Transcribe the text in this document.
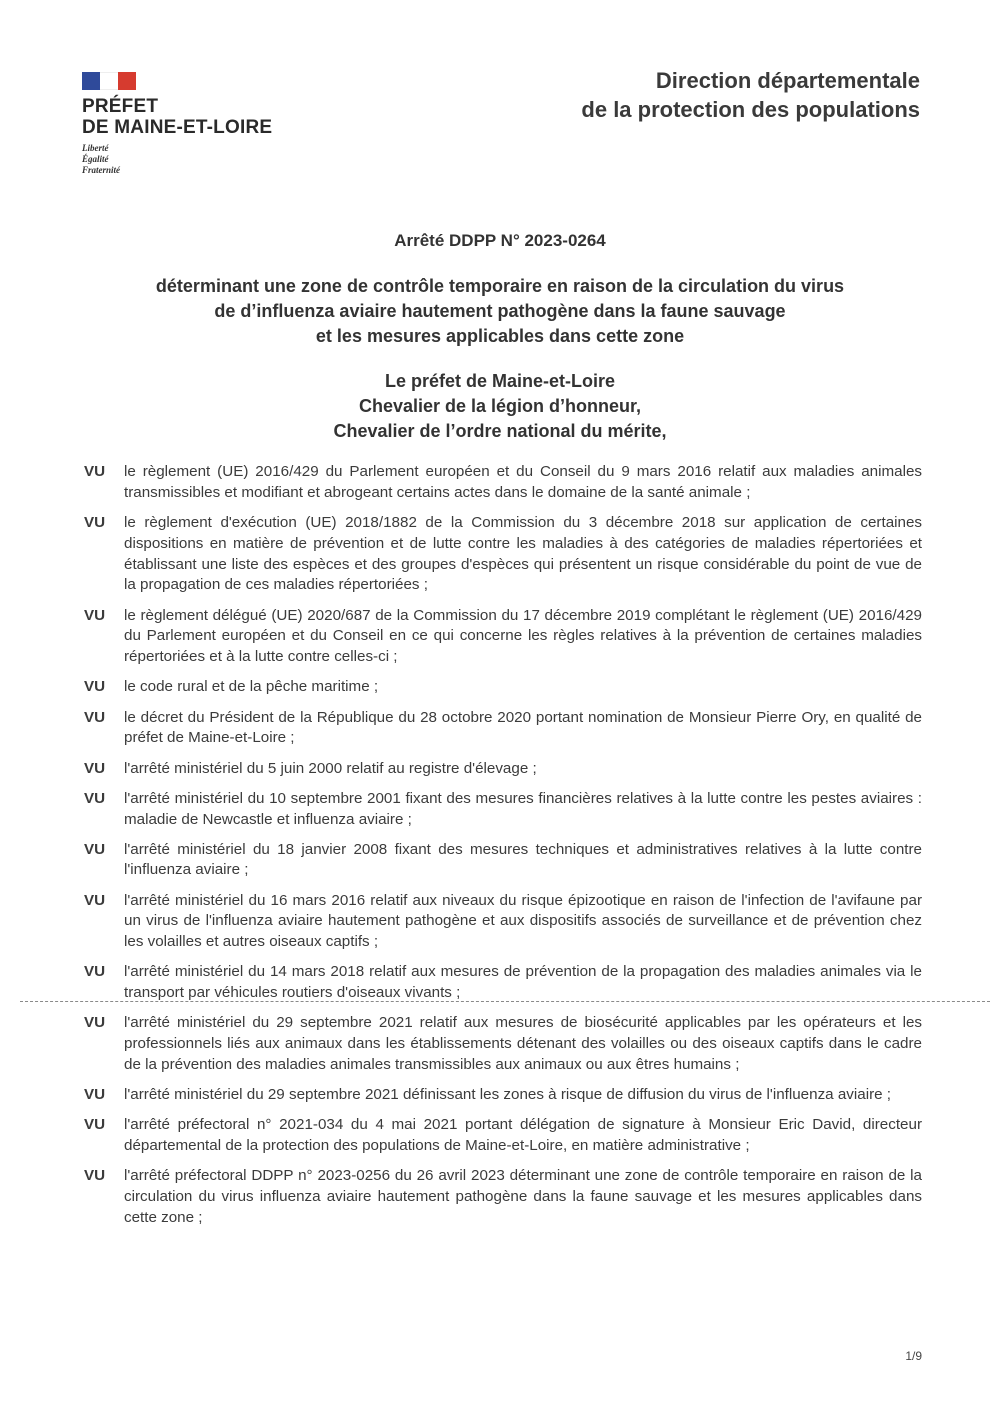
PRÉFET
DE MAINE-ET-LOIRE
Liberté
Égalité
Fraternité
Direction départementale
de la protection des populations
Arrêté DDPP N° 2023-0264
déterminant une zone de contrôle temporaire en raison de la circulation du virus
de d’influenza aviaire hautement pathogène dans la faune sauvage
et les mesures applicables dans cette zone
Le préfet de Maine-et-Loire
Chevalier de la légion d’honneur,
Chevalier de l’ordre national du mérite,
VU	le règlement (UE) 2016/429 du Parlement européen et du Conseil du 9 mars 2016 relatif aux maladies animales transmissibles et modifiant et abrogeant certains actes dans le domaine de la santé animale ;
VU	le règlement d'exécution (UE) 2018/1882 de la Commission du 3 décembre 2018 sur application de certaines dispositions en matière de prévention et de lutte contre les maladies à des catégories de maladies répertoriées et établissant une liste des espèces et des groupes d'espèces qui présentent un risque considérable du point de vue de la propagation de ces maladies répertoriées ;
VU	le règlement délégué (UE) 2020/687 de la Commission du 17 décembre 2019 complétant le règlement (UE) 2016/429 du Parlement européen et du Conseil en ce qui concerne les règles relatives à la prévention de certaines maladies répertoriées et à la lutte contre celles-ci ;
VU	le code rural et de la pêche maritime ;
VU	le décret du Président de la République du 28 octobre 2020 portant nomination de Monsieur Pierre Ory, en qualité de préfet de Maine-et-Loire ;
VU	l'arrêté ministériel du 5 juin 2000 relatif au registre d'élevage ;
VU	l'arrêté ministériel du 10 septembre 2001 fixant des mesures financières relatives à la lutte contre les pestes aviaires : maladie de Newcastle et influenza aviaire ;
VU	l'arrêté ministériel du 18 janvier 2008 fixant des mesures techniques et administratives relatives à la lutte contre l'influenza aviaire ;
VU	l'arrêté ministériel du 16 mars 2016 relatif aux niveaux du risque épizootique en raison de l'infection de l'avifaune par un virus de l'influenza aviaire hautement pathogène et aux dispositifs associés de surveillance et de prévention chez les volailles et autres oiseaux captifs ;
VU	l'arrêté ministériel du 14 mars 2018 relatif aux mesures de prévention de la propagation des maladies animales via le transport par véhicules routiers d'oiseaux vivants ;
VU	l'arrêté ministériel du 29 septembre 2021 relatif aux mesures de biosécurité applicables par les opérateurs et les professionnels liés aux animaux dans les établissements détenant des volailles ou des oiseaux captifs dans le cadre de la prévention des maladies animales transmissibles aux animaux ou aux êtres humains ;
VU	l'arrêté ministériel du 29 septembre 2021 définissant les zones à risque de diffusion du virus de l'influenza aviaire ;
VU	l'arrêté préfectoral n° 2021-034 du 4 mai 2021 portant délégation de signature à Monsieur Eric David, directeur départemental de la protection des populations de Maine-et-Loire, en matière administrative ;
VU	l'arrêté préfectoral DDPP n° 2023-0256 du 26 avril 2023 déterminant une zone de contrôle temporaire en raison de la circulation du virus influenza aviaire hautement pathogène dans la faune sauvage et les mesures applicables dans cette zone ;
1/9
